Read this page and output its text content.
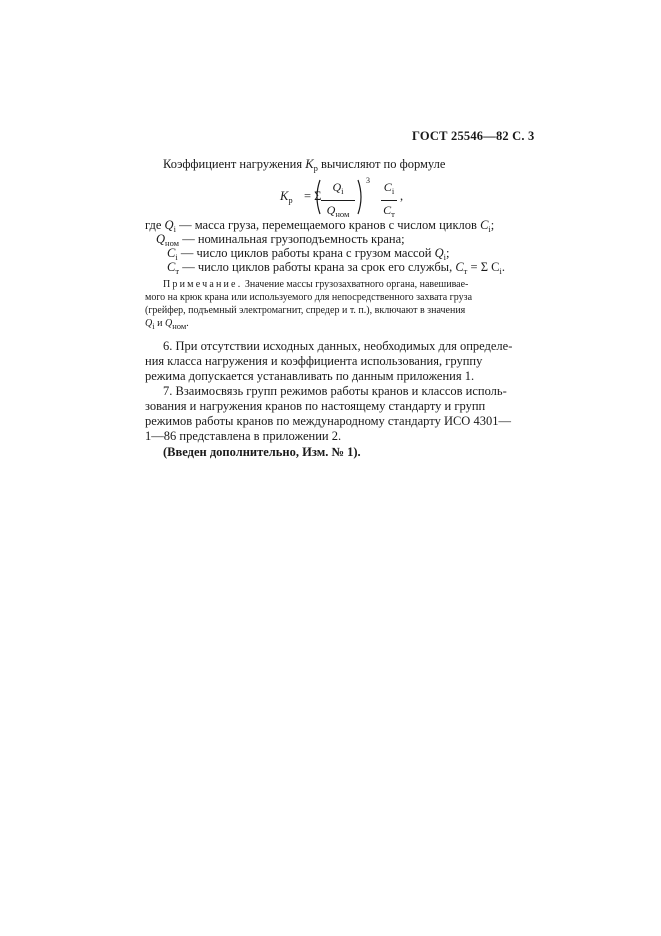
ГОСТ 25546—82 С. 3
Коэффициент нагружения $K_p$ вычисляют по формуле
$K_p = \Sigma$
$Q_i$
$Q_{ном}$
3 $C_i$
$C_т$
,
где $Q_i$ — масса груза, перемещаемого кранов с числом циклов $C_i$;
$Q_{ном}$ — номинальная грузоподъемность крана;
$C_i$ — число циклов работы крана с грузом массой $Q_i$;
$C_т$ — число циклов работы крана за срок его службы, $C_т = \Sigma$ $C_i$.
Примечание. Значение массы грузозахватного органа, навешивае-
мого на крюк крана или используемого для непосредственного захвата груза
(грейфер, подъемный электромагнит, спредер и т. п.), включают в значения
$Q_i$ и $Q_{ном}$.
6. При отсутствии исходных данных, необходимых для определе-
ния класса нагружения и коэффициента использования, группу
режима допускается устанавливать по данным приложения 1.
7. Взаимосвязь групп режимов работы кранов и классов исполь-
зования и нагружения кранов по настоящему стандарту и групп
режимов работы кранов по международному стандарту ИСО 4301—
1—86 представлена в приложении 2.
(Введен дополнительно, Изм. № 1).
